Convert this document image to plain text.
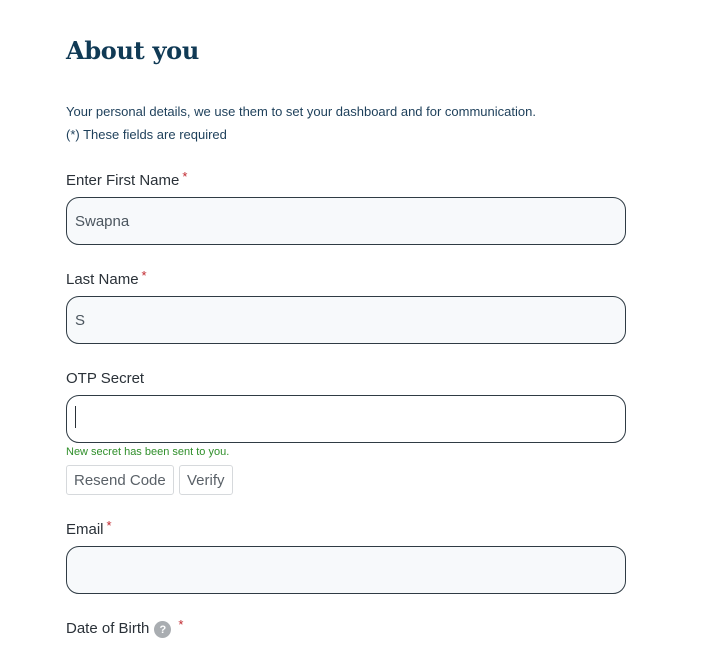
About you
Your personal details, we use them to set your dashboard and for communication.
(*) These fields are required
Enter First Name *
Swapna
Last Name *
S
OTP Secret
New secret has been sent to you.
Resend Code	Verify
Email *
Date of Birth ? *
